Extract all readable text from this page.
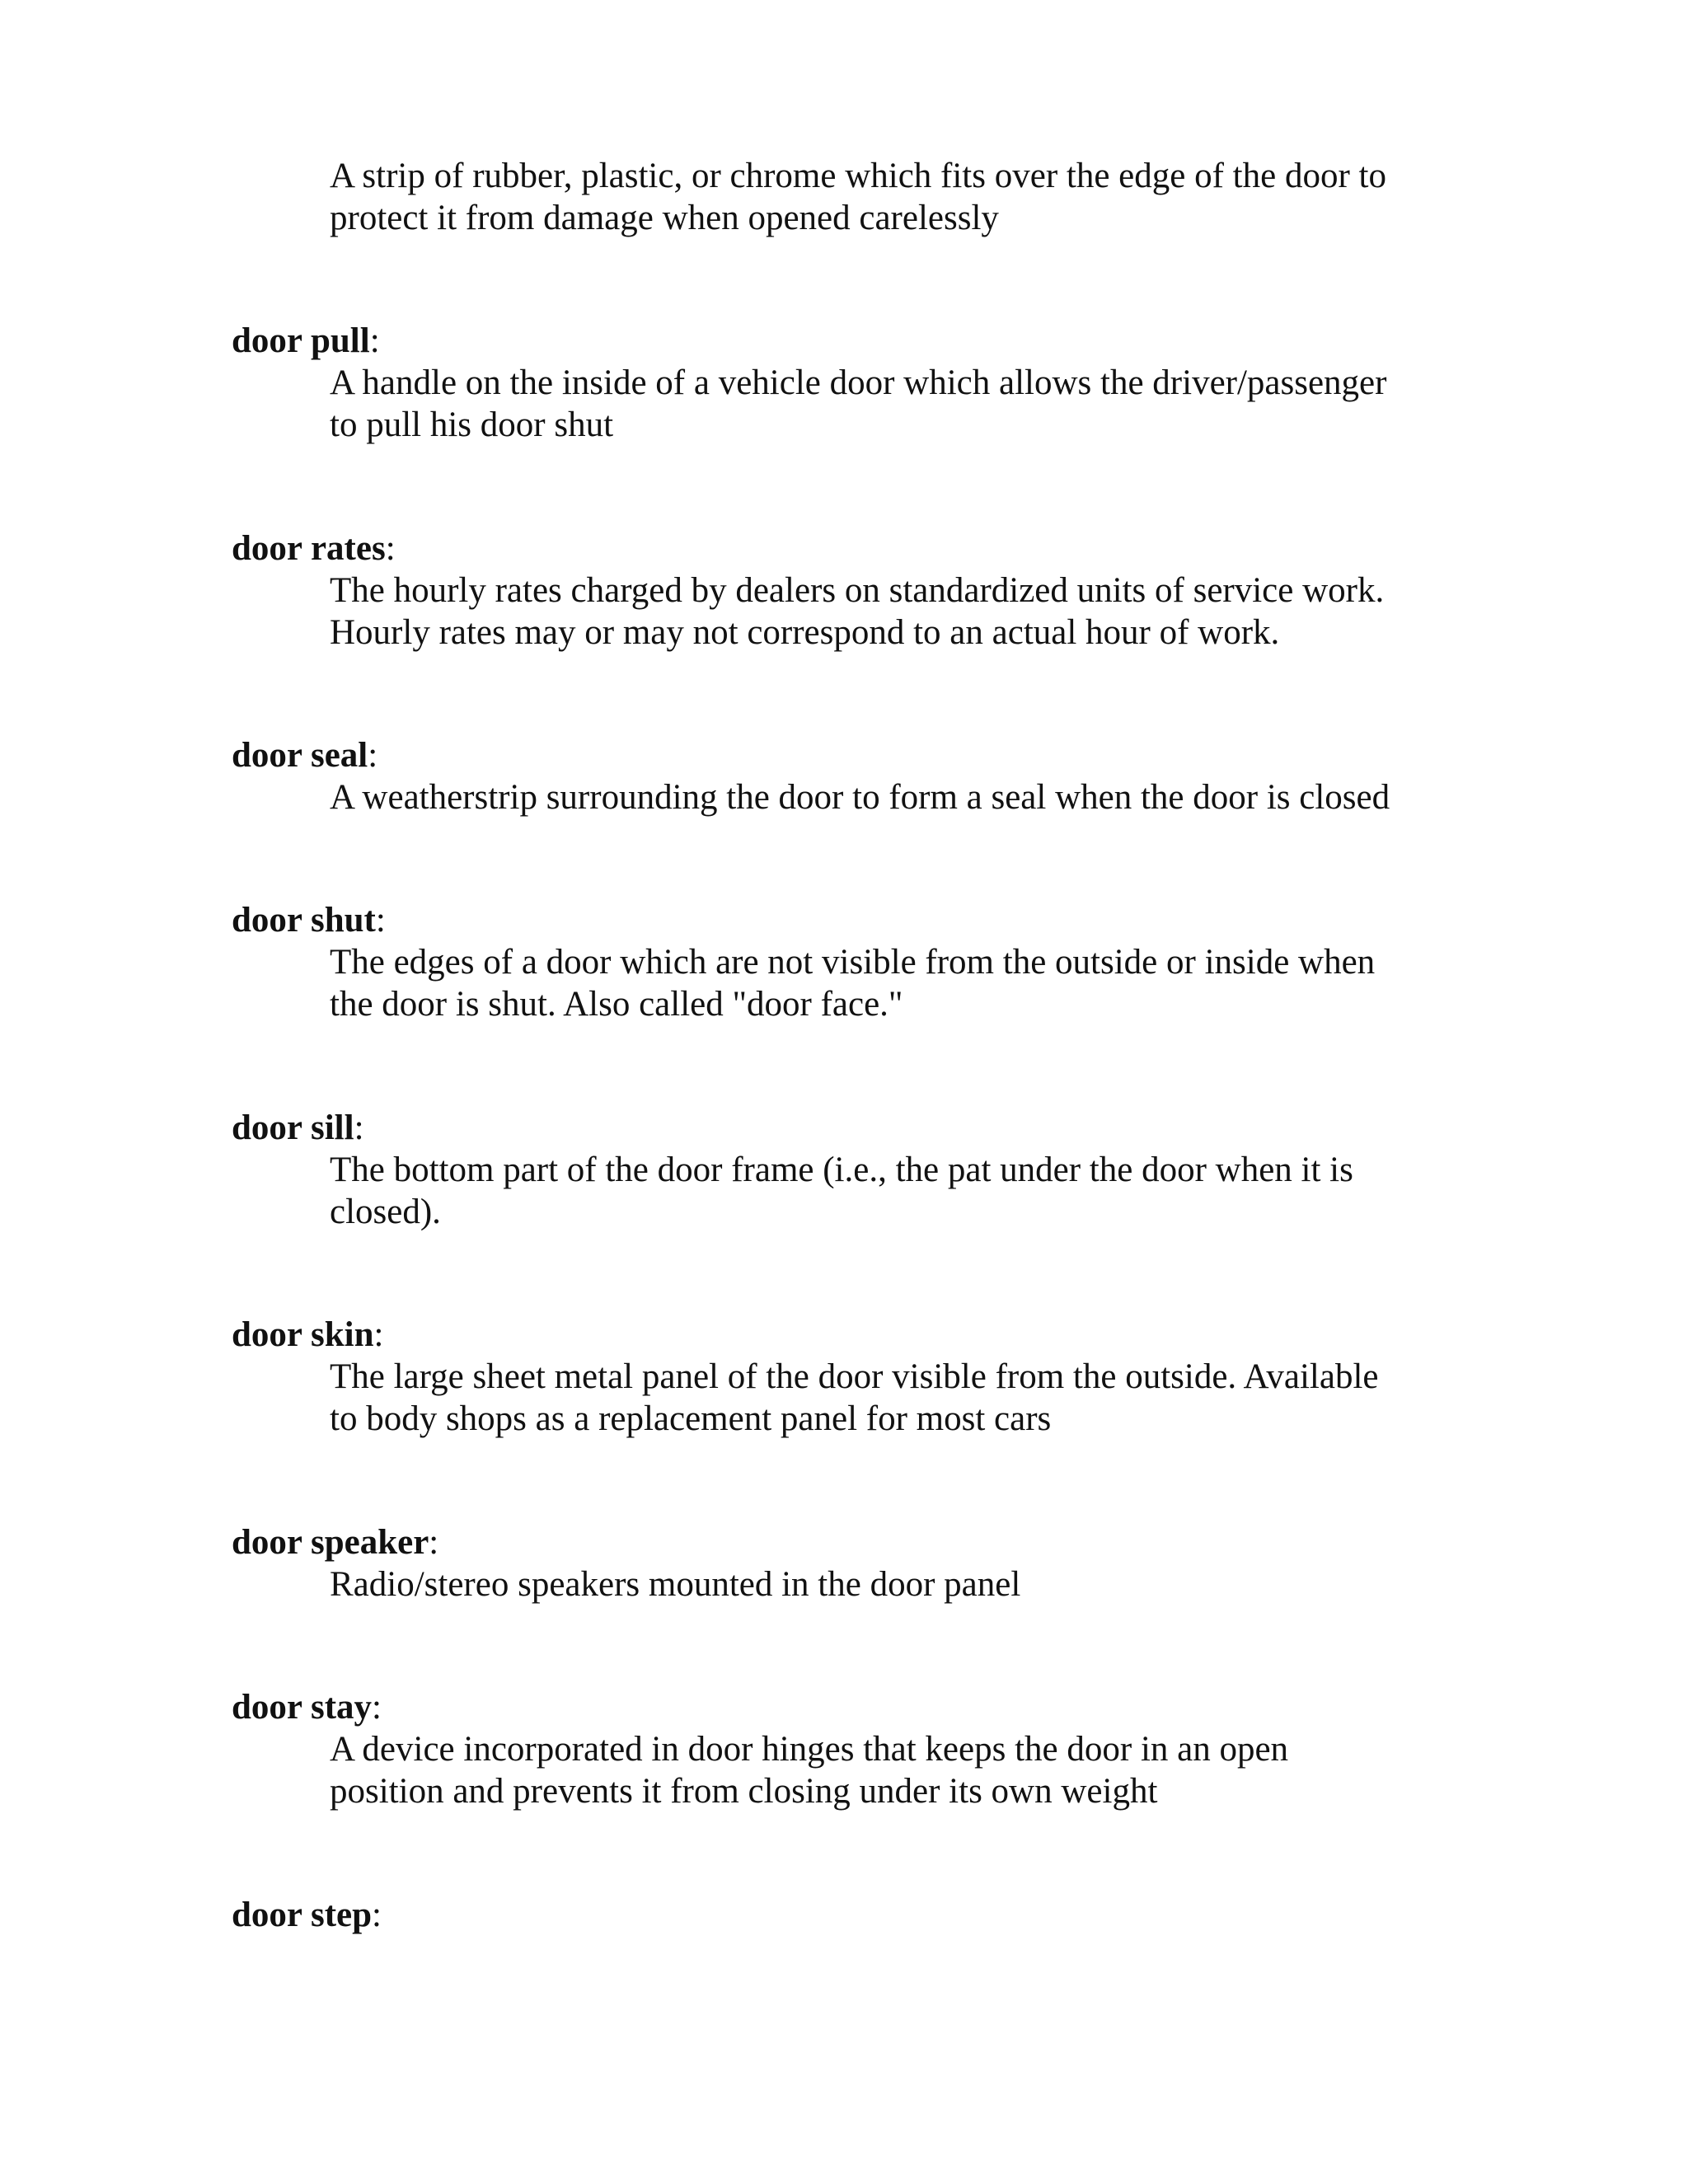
A strip of rubber, plastic, or chrome which fits over the edge of the door to
protect it from damage when opened carelessly
door pull:
A handle on the inside of a vehicle door which allows the driver/passenger
to pull his door shut
door rates:
The hourly rates charged by dealers on standardized units of service work.
Hourly rates may or may not correspond to an actual hour of work.
door seal:
A weatherstrip surrounding the door to form a seal when the door is closed
door shut:
The edges of a door which are not visible from the outside or inside when
the door is shut. Also called "door face."
door sill:
The bottom part of the door frame (i.e., the pat under the door when it is
closed).
door skin:
The large sheet metal panel of the door visible from the outside. Available
to body shops as a replacement panel for most cars
door speaker:
Radio/stereo speakers mounted in the door panel
door stay:
A device incorporated in door hinges that keeps the door in an open
position and prevents it from closing under its own weight
door step:
